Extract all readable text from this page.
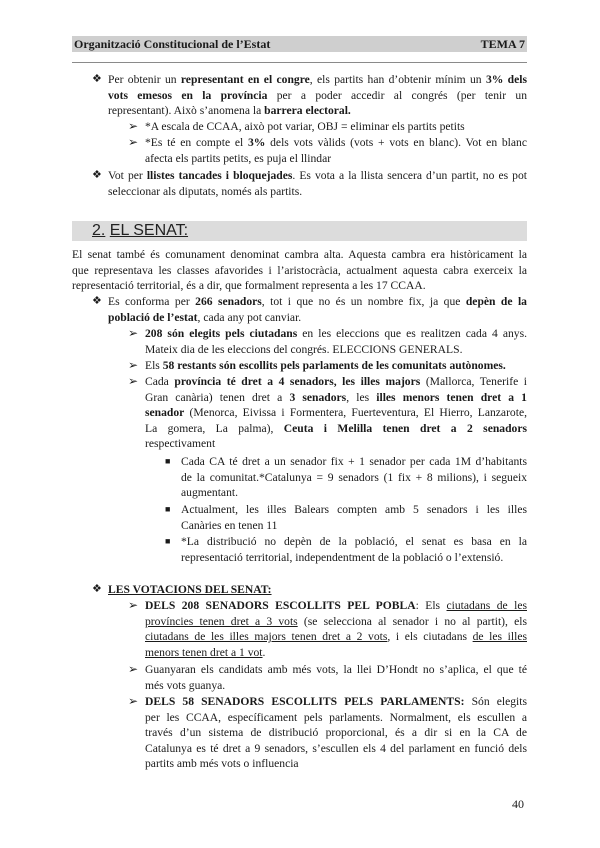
Organització Constitucional de l’Estat	TEMA 7
❖ Per obtenir un representant en el congre, els partits han d’obtenir mínim un 3% dels
vots emesos en la província per a poder accedir al congrés (per tenir un
representant). Això s’anomena la barrera electoral.
➢ *A escala de CCAA, això pot variar, OBJ = eliminar els partits petits
➢ *Es té en compte el 3% dels vots vàlids (vots + vots en blanc). Vot en blanc
afecta els partits petits, es puja el llindar
❖ Vot per llistes tancades i bloquejades. Es vota a la llista sencera d’un partit, no es pot
seleccionar als diputats, només als partits.
2. EL SENAT:
El senat també és comunament denominat cambra alta. Aquesta cambra era històricament la
que representava les classes afavorides i l’aristocràcia, actualment aquesta cabra exerceix la
representació territorial, és a dir, que formalment representa a les 17 CCAA.
❖ Es conforma per 266 senadors, tot i que no és un nombre fix, ja que depèn de la
població de l’estat, cada any pot canviar.
➢ 208 són elegits pels ciutadans en les eleccions que es realitzen cada 4 anys.
Mateix dia de les eleccions del congrés. ELECCIONS GENERALS.
➢ Els 58 restants són escollits pels parlaments de les comunitats autònomes.
➢ Cada província té dret a 4 senadors, les illes majors (Mallorca, Tenerife i
Gran canària) tenen dret a 3 senadors, les illes menors tenen dret a 1
senador (Menorca, Eivissa i Formentera, Fuerteventura, El Hierro, Lanzarote,
La gomera, La palma), Ceuta i Melilla tenen dret a 2 senadors
respectivament
■ Cada CA té dret a un senador fix + 1 senador per cada 1M d’habitants
de la comunitat.*Catalunya = 9 senadors (1 fix + 8 milions), i segueix
augmentant.
■ Actualment, les illes Balears compten amb 5 senadors i les illes
Canàries en tenen 11
■ *La distribució no depèn de la població, el senat es basa en la
representació territorial, independentment de la població o l’extensió.
❖ LES VOTACIONS DEL SENAT:
➢ DELS 208 SENADORS ESCOLLITS PEL POBLA: Els ciutadans de les
províncies tenen dret a 3 vots (se selecciona al senador i no al partit), els
ciutadans de les illes majors tenen dret a 2 vots, i els ciutadans de les illes
menors tenen dret a 1 vot.
➢ Guanyaran els candidats amb més vots, la llei D’Hondt no s’aplica, el que té
més vots guanya.
➢ DELS 58 SENADORS ESCOLLITS PELS PARLAMENTS: Són elegits
per les CCAA, específicament pels parlaments. Normalment, els escullen a
través d’un sistema de distribució proporcional, és a dir si en la CA de
Catalunya es té dret a 9 senadors, s’escullen els 4 del parlament en funció dels
partits amb més vots o influencia
40
